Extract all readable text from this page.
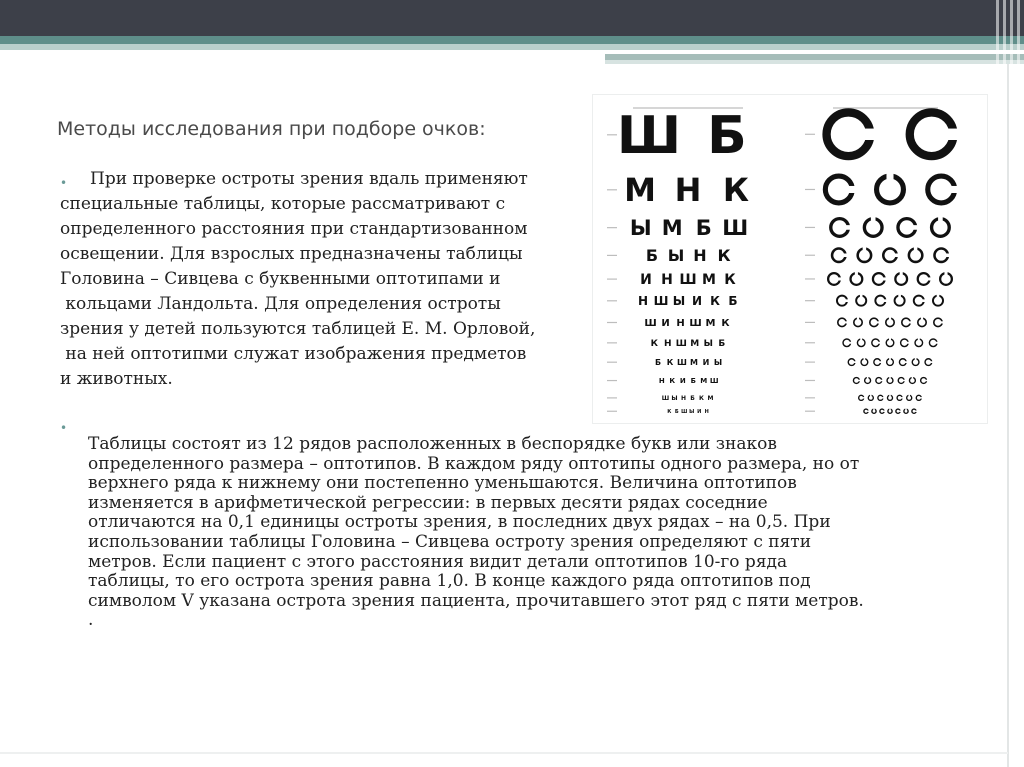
Методы исследования при подборе очков:
•
•
При проверке остроты зрения вдаль применяют
специальные таблицы, которые рассматривают с
определенного расстояния при стандартизованном
освещении. Для взрослых предназначены таблицы
Головина – Сивцева с буквенными оптотипами и
кольцами Ландольта. Для определения остроты
зрения у детей пользуются таблицей Е. М. Орловой,
на ней оптотипми служат изображения предметов
и животных.
Ш Б
М Н К
Ы М Б Ш
Б Ы Н К
И Н Ш М К
Н Ш Ы И К Б
Ш И Н Ш М К
К Н Ш М Ы Б
Б К Ш М И Ы
Н К И Б М Ш
Ш Ы Н Б К М
К Б Ш Ы И Н
Таблицы состоят из 12 рядов расположенных в беспорядке букв или знаков
определенного размера – оптотипов. В каждом ряду оптотипы одного размера, но от
верхнего ряда к нижнему они постепенно уменьшаются. Величина оптотипов
изменяется в арифметической регрессии: в первых десяти рядах соседние
отличаются на 0,1 единицы остроты зрения, в последних двух рядах – на 0,5. При
использовании таблицы Головина – Сивцева остроту зрения определяют с пяти
метров. Если пациент с этого расстояния видит детали оптотипов 10-го ряда
таблицы, то его острота зрения равна 1,0. В конце каждого ряда оптотипов под
символом V указана острота зрения пациента, прочитавшего этот ряд с пяти метров.
.
